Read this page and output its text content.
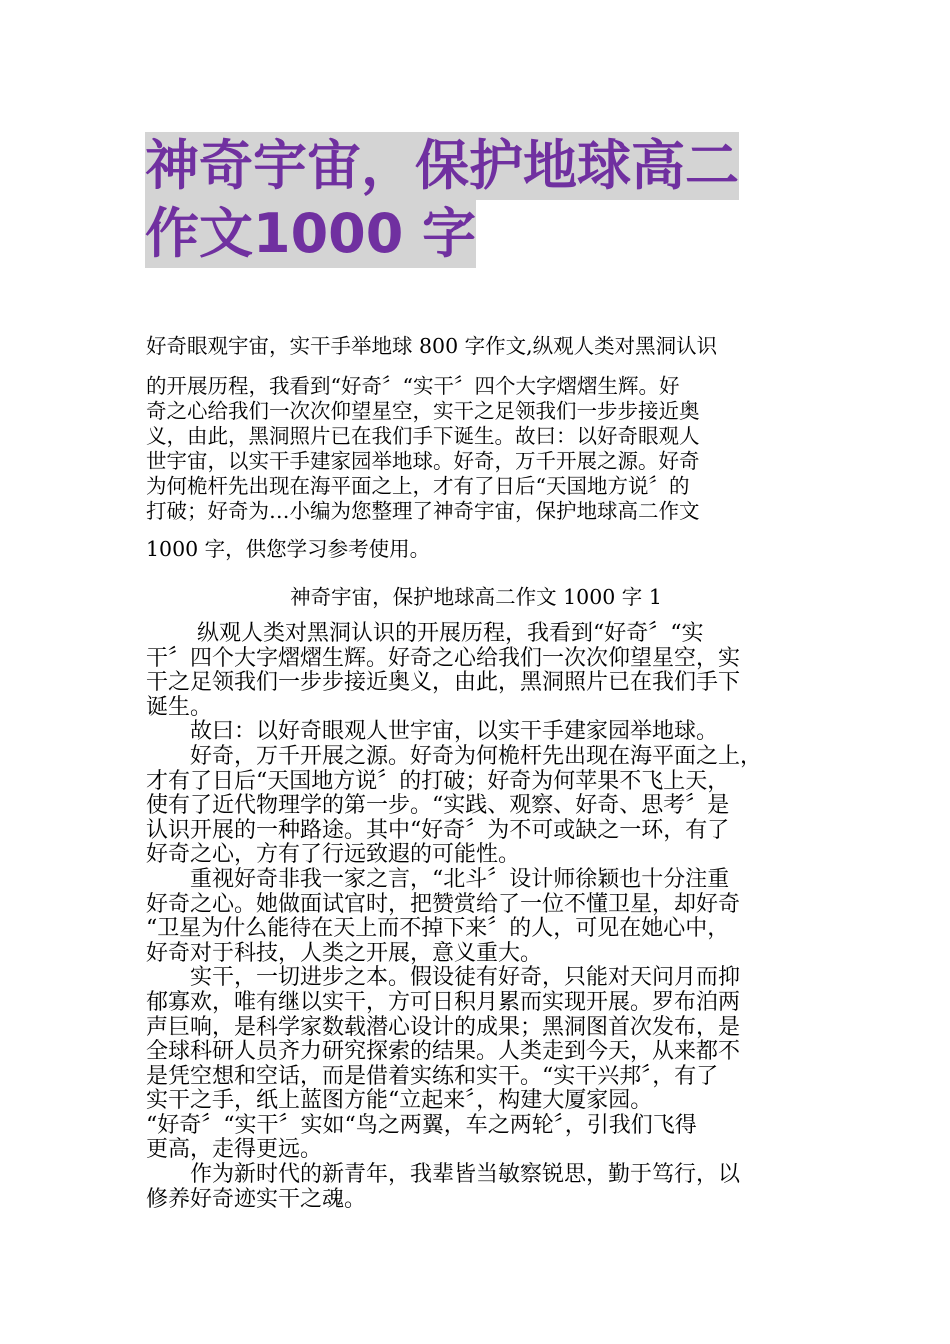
神奇宇宙，保护地球高二
作文1000 字
好奇眼观宇宙，实干手举地球 800 字作文,纵观人类对黑洞认识
的开展历程，我看到“好奇〞“实干〞四个大字熠熠生辉。好
奇之心给我们一次次仰望星空，实干之足领我们一步步接近奥
义，由此，黑洞照片已在我们手下诞生。故曰：以好奇眼观人
世宇宙，以实干手建家园举地球。好奇，万千开展之源。好奇
为何桅杆先出现在海平面之上，才有了日后“天国地方说〞的
打破；好奇为…小编为您整理了神奇宇宙，保护地球高二作文
1000 字，供您学习参考使用。
神奇宇宙，保护地球高二作文 1000 字 1
　　 纵观人类对黑洞认识的开展历程，我看到“好奇〞“实
干〞四个大字熠熠生辉。好奇之心给我们一次次仰望星空，实
干之足领我们一步步接近奥义，由此，黑洞照片已在我们手下
诞生。
　　故曰：以好奇眼观人世宇宙，以实干手建家园举地球。
　　好奇，万千开展之源。好奇为何桅杆先出现在海平面之上，
才有了日后“天国地方说〞的打破；好奇为何苹果不飞上天，
使有了近代物理学的第一步。“实践、观察、好奇、思考〞是
认识开展的一种路途。其中“好奇〞为不可或缺之一环，有了
好奇之心，方有了行远致遐的可能性。
　　重视好奇非我一家之言，“北斗〞设计师徐颖也十分注重
好奇之心。她做面试官时，把赞赏给了一位不懂卫星，却好奇
“卫星为什么能待在天上而不掉下来〞的人，可见在她心中，
好奇对于科技，人类之开展，意义重大。
　　实干，一切进步之本。假设徒有好奇，只能对天问月而抑
郁寡欢，唯有继以实干，方可日积月累而实现开展。罗布泊两
声巨响，是科学家数载潜心设计的成果；黑洞图首次发布，是
全球科研人员齐力研究探索的结果。人类走到今天，从来都不
是凭空想和空话，而是借着实练和实干。“实干兴邦〞，有了
实干之手，纸上蓝图方能“立起来〞，构建大厦家园。
“好奇〞“实干〞实如“鸟之两翼，车之两轮〞，引我们飞得
更高，走得更远。
　　作为新时代的新青年，我辈皆当敏察锐思，勤于笃行，以
修养好奇迹实干之魂。
